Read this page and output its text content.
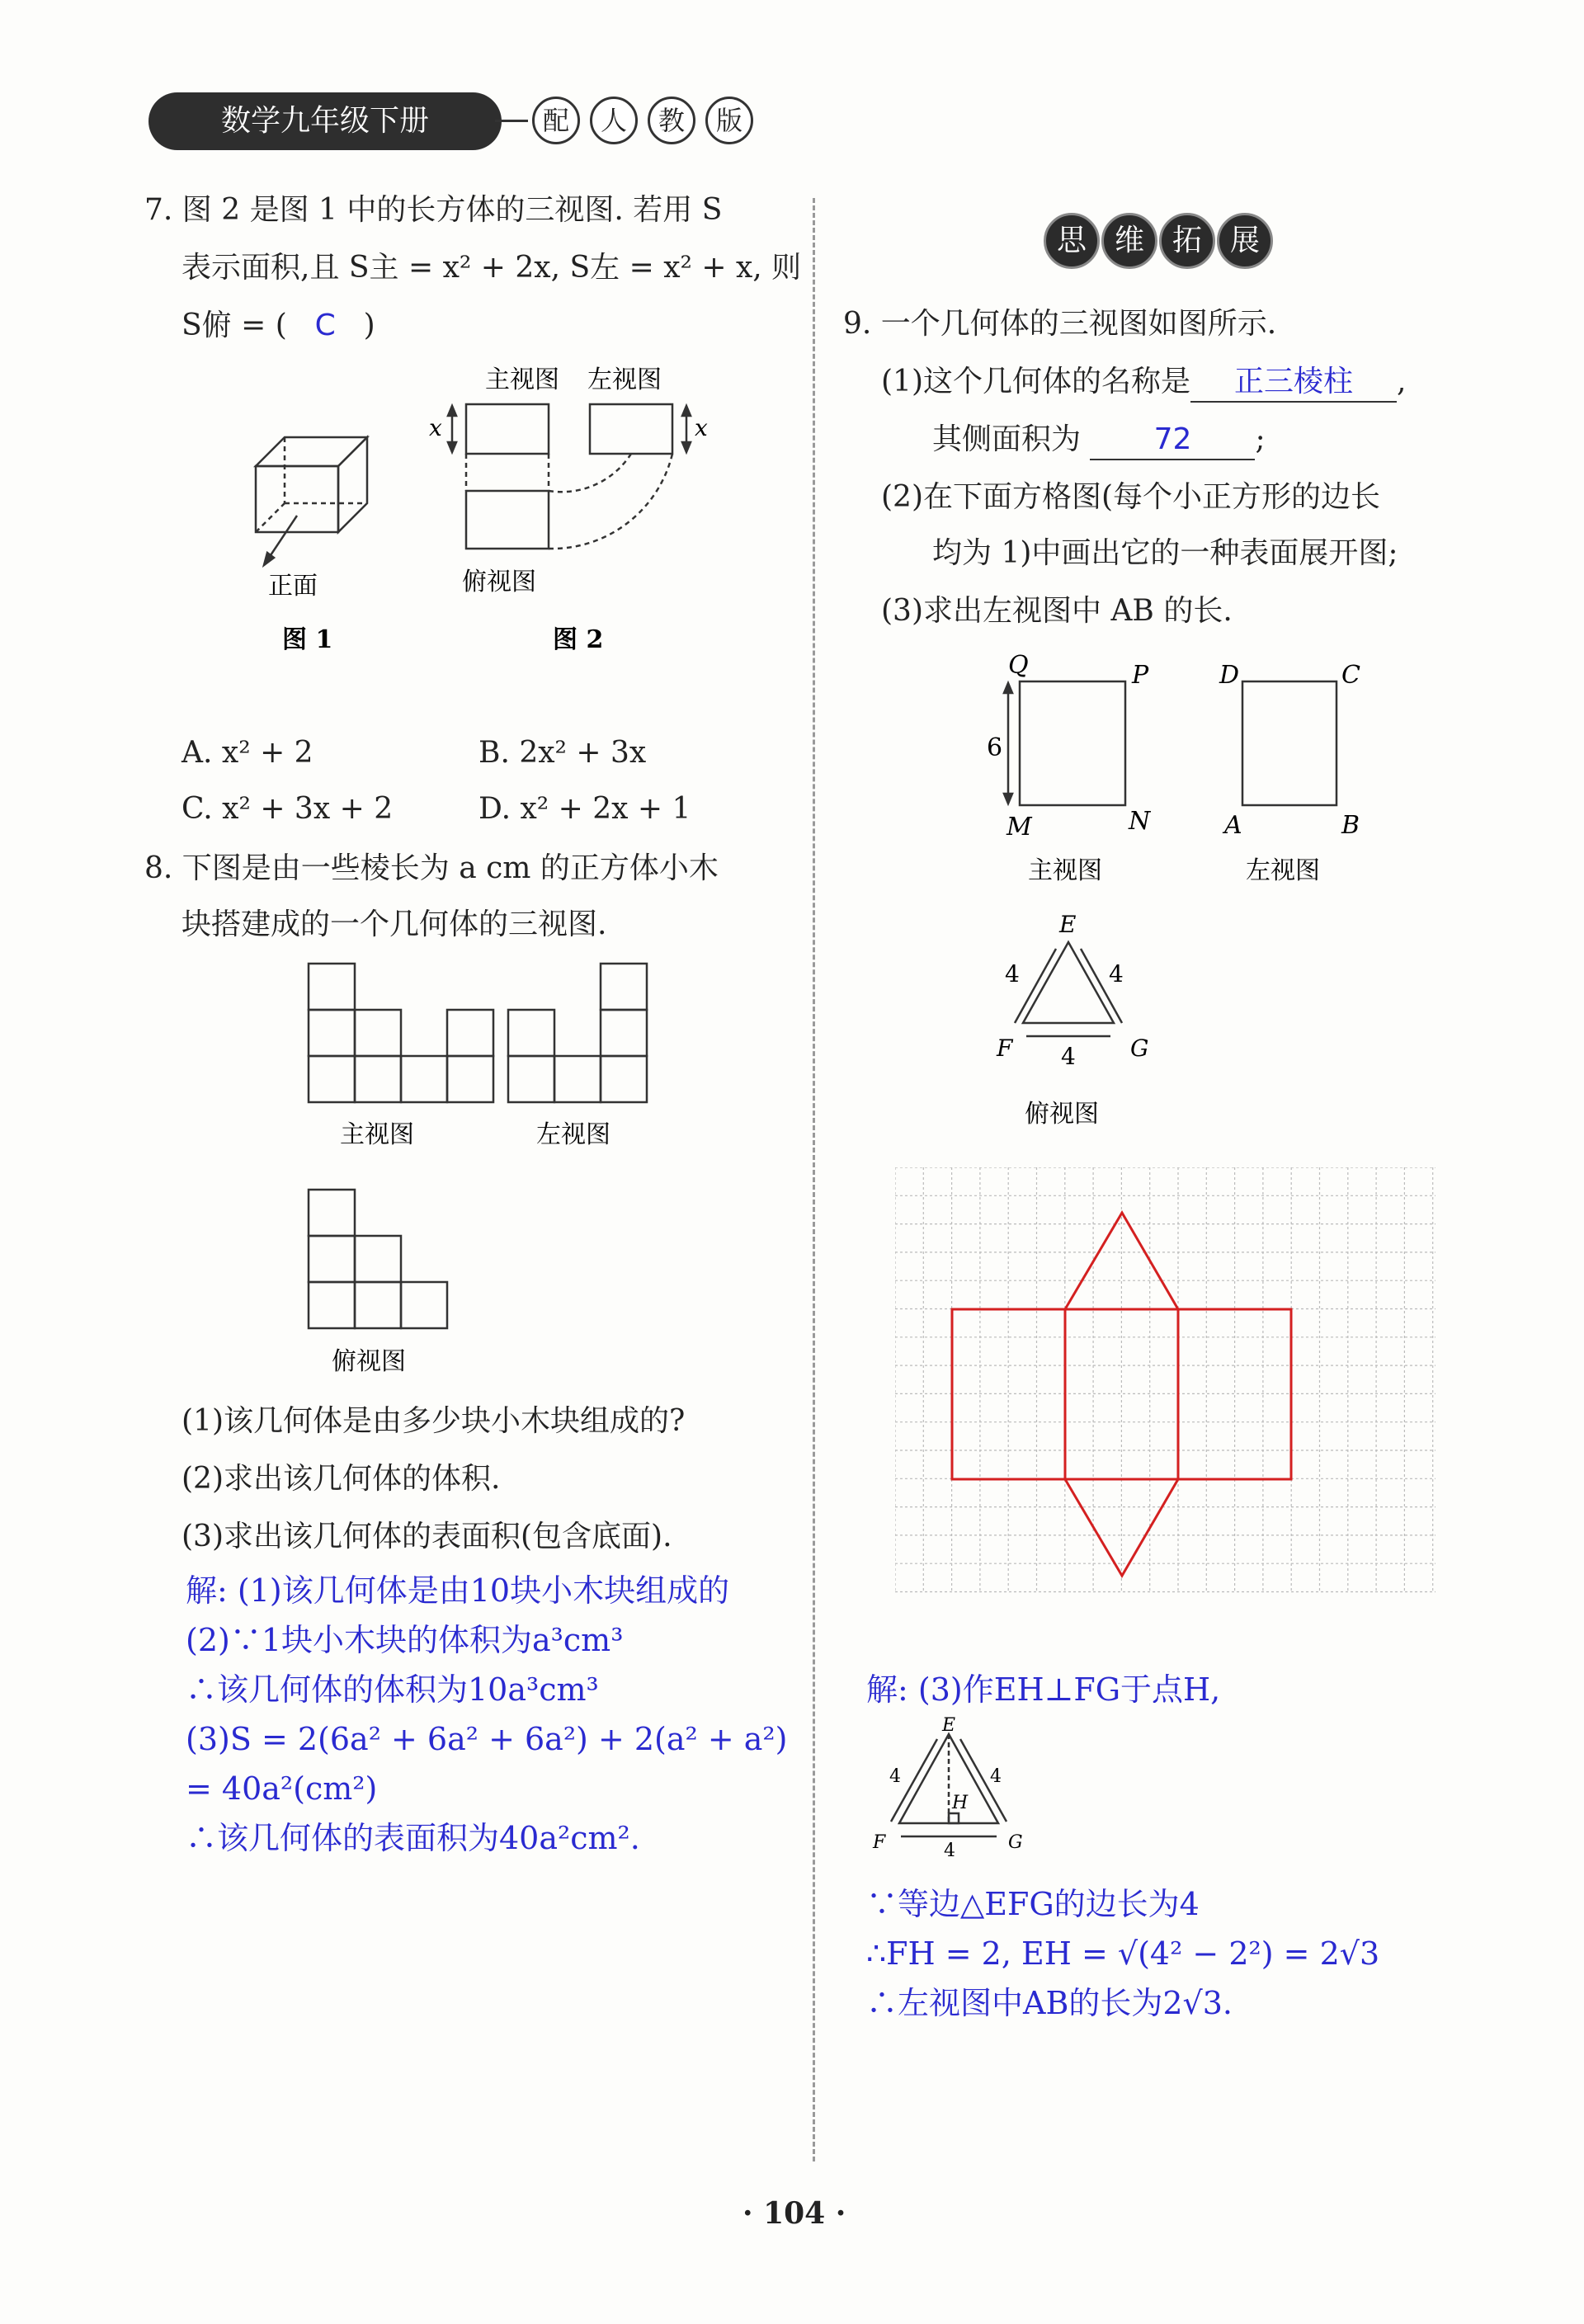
数学九年级下册	配	人	教	版
7. 图 2 是图 1 中的长方体的三视图. 若用 S
表示面积,且 S主 = x² + 2x, S左 = x² + x, 则
S俯 = ( C )
主视图 左视图
x	x
俯视图
正面
图 1	图 2
A. x² + 2	B. 2x² + 3x
C. x² + 3x + 2	D. x² + 2x + 1
8. 下图是由一些棱长为 a cm 的正方体小木
块搭建成的一个几何体的三视图.
主视图	左视图
俯视图
(1)该几何体是由多少块小木块组成的?
(2)求出该几何体的体积.
(3)求出该几何体的表面积(包含底面).
解: (1)该几何体是由10块小木块组成的
(2)∵1块小木块的体积为a³cm³
∴该几何体的体积为10a³cm³
(3)S = 2(6a² + 6a² + 6a²) + 2(a² + a²)
= 40a²(cm²)
∴该几何体的表面积为40a²cm².
思 维 拓 展
9. 一个几何体的三视图如图所示.
(1)这个几何体的名称是 正三棱柱 ,
其侧面积为 72 ;
(2)在下面方格图(每个小正方形的边长
均为 1)中画出它的一种表面展开图;
(3)求出左视图中 AB 的长.
Q	P
M	N
6
D	C
A	B
主视图	左视图
E
F	G
4	4
4
俯视图
解: (3)作EH⊥FG于点H,
E
F	G
H
4	4
4
∵等边△EFG的边长为4
∴FH = 2, EH = √(4² − 2²) = 2√3
∴左视图中AB的长为2√3.
· 104 ·
